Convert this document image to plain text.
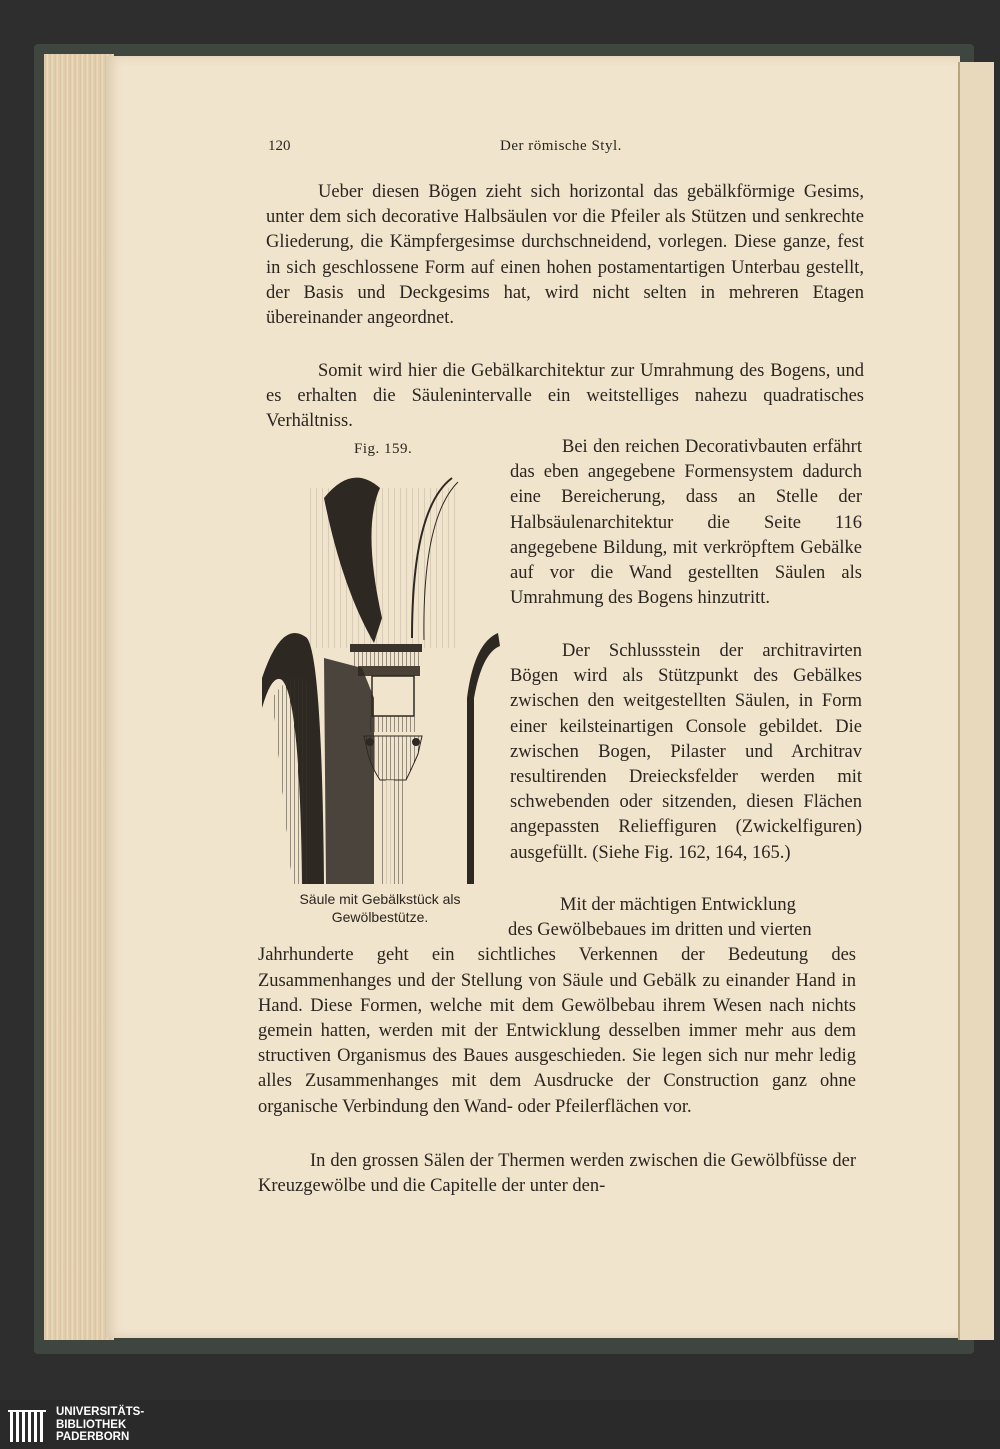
120	Der römische Styl.
Ueber diesen Bögen zieht sich horizontal das gebälkförmige Gesims, unter dem sich decorative Halbsäulen vor die Pfeiler als Stützen und senkrechte Gliederung, die Kämpfergesimse durchschneidend, vorlegen. Diese ganze, fest in sich geschlossene Form auf einen hohen postamentartigen Unterbau gestellt, der Basis und Deckgesims hat, wird nicht selten in mehreren Etagen übereinander angeordnet.
Somit wird hier die Gebälkarchitektur zur Umrahmung des Bogens, und es erhalten die Säulenintervalle ein weitstelliges nahezu quadratisches Verhältniss.
Fig. 159.
Säule mit Gebälkstück als Gewölbestütze.
Bei den reichen Decorativbauten erfährt das eben angegebene Formensystem dadurch eine Bereicherung, dass an Stelle der Halbsäulenarchitektur die Seite 116 angegebene Bildung, mit verkröpftem Gebälke auf vor die Wand gestellten Säulen als Umrahmung des Bogens hinzutritt.
Der Schlussstein der architravirten Bögen wird als Stützpunkt des Gebälkes zwischen den weitgestellten Säulen, in Form einer keilsteinartigen Console gebildet. Die zwischen Bogen, Pilaster und Architrav resultirenden Dreiecksfelder werden mit schwebenden oder sitzenden, diesen Flächen angepassten Relieffiguren (Zwickelfiguren) ausgefüllt. (Siehe Fig. 162, 164, 165.)
Mit der mächtigen Entwicklung
des Gewölbebaues im dritten und vierten
Jahrhunderte geht ein sichtliches Verkennen der Bedeutung des Zusammenhanges und der Stellung von Säule und Gebälk zu einander Hand in Hand. Diese Formen, welche mit dem Gewölbebau ihrem Wesen nach nichts gemein hatten, werden mit der Entwicklung desselben immer mehr aus dem structiven Organismus des Baues ausgeschieden. Sie legen sich nur mehr ledig alles Zusammenhanges mit dem Ausdrucke der Construction ganz ohne organische Verbindung den Wand- oder Pfeilerflächen vor.
In den grossen Sälen der Thermen werden zwischen die Gewölbfüsse der Kreuzgewölbe und die Capitelle der unter den-
UNIVERSITÄTS-
BIBLIOTHEK
PADERBORN
